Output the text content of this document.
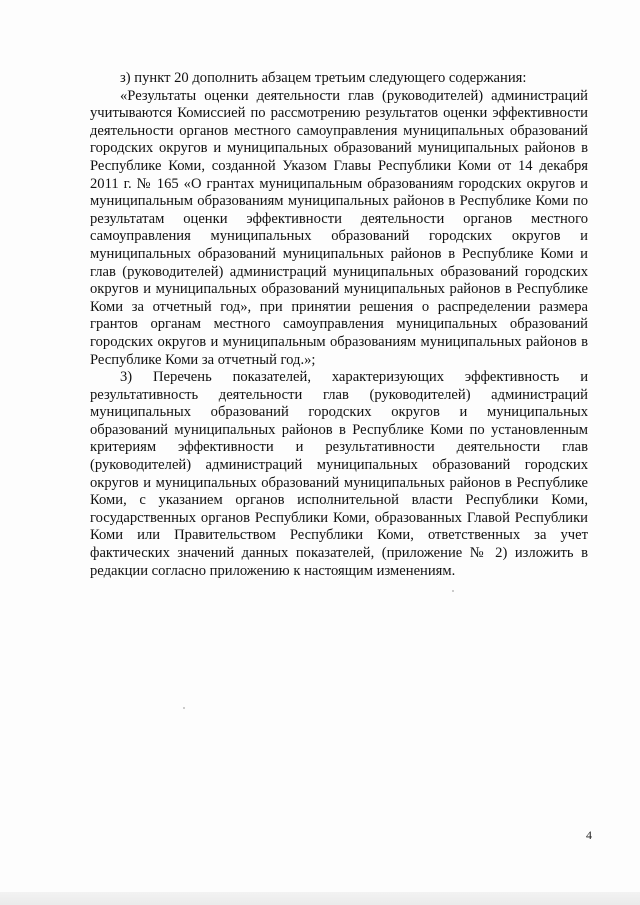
з) пункт 20 дополнить абзацем третьим следующего содержания:

«Результаты оценки деятельности глав (руководителей) администраций учитываются Комиссией по рассмотрению результатов оценки эффективности деятельности органов местного самоуправления муниципальных образований городских округов и муниципальных образований муниципальных районов в Республике Коми, созданной Указом Главы Республики Коми от 14 декабря 2011 г. № 165 «О грантах муниципальным образованиям городских округов и муниципальным образованиям муниципальных районов в Республике Коми по результатам оценки эффективности деятельности органов местного самоуправления муниципальных образований городских округов и муниципальных образований муниципальных районов в Республике Коми и глав (руководителей) администраций муниципальных образований городских округов и муниципальных образований муниципальных районов в Республике Коми за отчетный год», при принятии решения о распределении размера грантов органам местного самоуправления муниципальных образований городских округов и муниципальным образованиям муниципальных районов в Республике Коми за отчетный год.»;

3) Перечень показателей, характеризующих эффективность и результативность деятельности глав (руководителей) администраций муниципальных образований городских округов и муниципальных образований муниципальных районов в Республике Коми по установленным критериям эффективности и результативности деятельности глав (руководителей) администраций муниципальных образований городских округов и муниципальных образований муниципальных районов в Республике Коми, с указанием органов исполнительной власти Республики Коми, государственных органов Республики Коми, образованных Главой Республики Коми или Правительством Республики Коми, ответственных за учет фактических значений данных показателей, (приложение № 2) изложить в редакции согласно приложению к настоящим изменениям.

4
